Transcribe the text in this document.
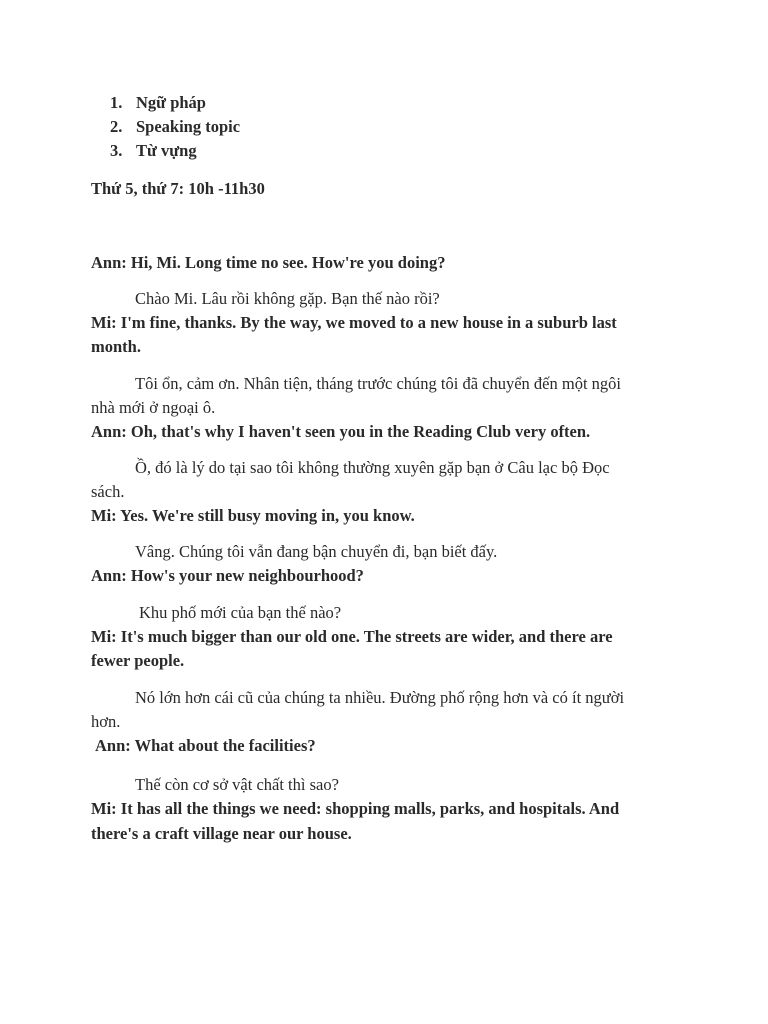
1. Ngữ pháp
2. Speaking topic
3. Từ vựng
Thứ 5, thứ 7: 10h -11h30
Ann: Hi, Mi. Long time no see. How're you doing?
Chào Mi. Lâu rồi không gặp. Bạn thế nào rồi?
Mi: I'm fine, thanks. By the way, we moved to a new house in a suburb last
month.
Tôi ổn, cảm ơn. Nhân tiện, tháng trước chúng tôi đã chuyển đến một ngôi
nhà mới ở ngoại ô.
Ann: Oh, that's why I haven't seen you in the Reading Club very often.
Ồ, đó là lý do tại sao tôi không thường xuyên gặp bạn ở Câu lạc bộ Đọc
sách.
Mi: Yes. We're still busy moving in, you know.
Vâng. Chúng tôi vẫn đang bận chuyển đi, bạn biết đấy.
Ann: How's your new neighbourhood?
Khu phố mới của bạn thế nào?
Mi: It's much bigger than our old one. The streets are wider, and there are
fewer people.
Nó lớn hơn cái cũ của chúng ta nhiều. Đường phố rộng hơn và có ít người
hơn.
Ann: What about the facilities?
Thế còn cơ sở vật chất thì sao?
Mi: It has all the things we need: shopping malls, parks, and hospitals. And
there's a craft village near our house.
